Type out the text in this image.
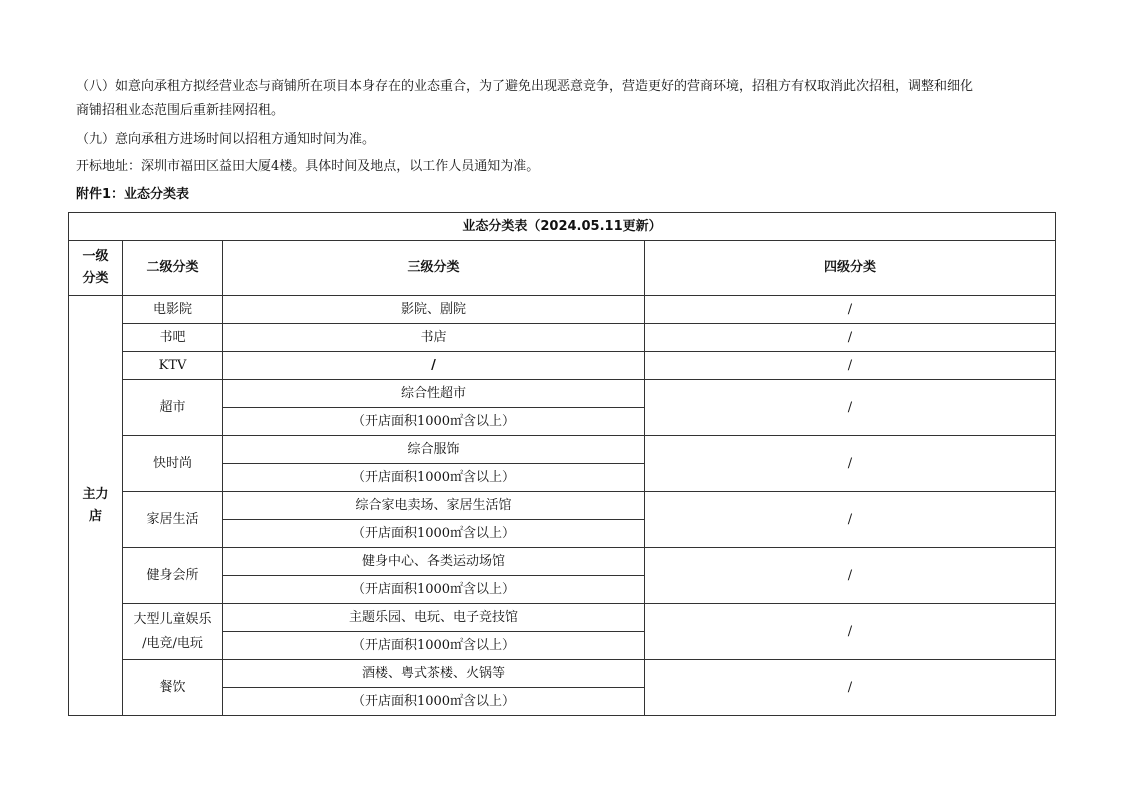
（八）如意向承租方拟经营业态与商铺所在项目本身存在的业态重合，为了避免出现恶意竞争，营造更好的营商环境，招租方有权取消此次招租，调整和细化
商铺招租业态范围后重新挂网招租。
（九）意向承租方进场时间以招租方通知时间为准。
开标地址：深圳市福田区益田大厦4楼。具体时间及地点，以工作人员通知为准。
附件1：业态分类表
业态分类表（2024.05.11更新）			

一级
分类	二级分类	三级分类	四级分类

主力
店	电影院	影院、剧院	/
	书吧	书店	/
	KTV	/	/
	超市	综合性超市	/
		（开店面积1000㎡含以上）	
	快时尚	综合服饰	/
		（开店面积1000㎡含以上）	
	家居生活	综合家电卖场、家居生活馆	/
		（开店面积1000㎡含以上）	
	健身会所	健身中心、各类运动场馆	/
		（开店面积1000㎡含以上）	

	大型儿童娱乐
/电竞/电玩	主题乐园、电玩、电子竞技馆	/
		（开店面积1000㎡含以上）	
	餐饮	酒楼、粤式茶楼、火锅等	/
		（开店面积1000㎡含以上）	
